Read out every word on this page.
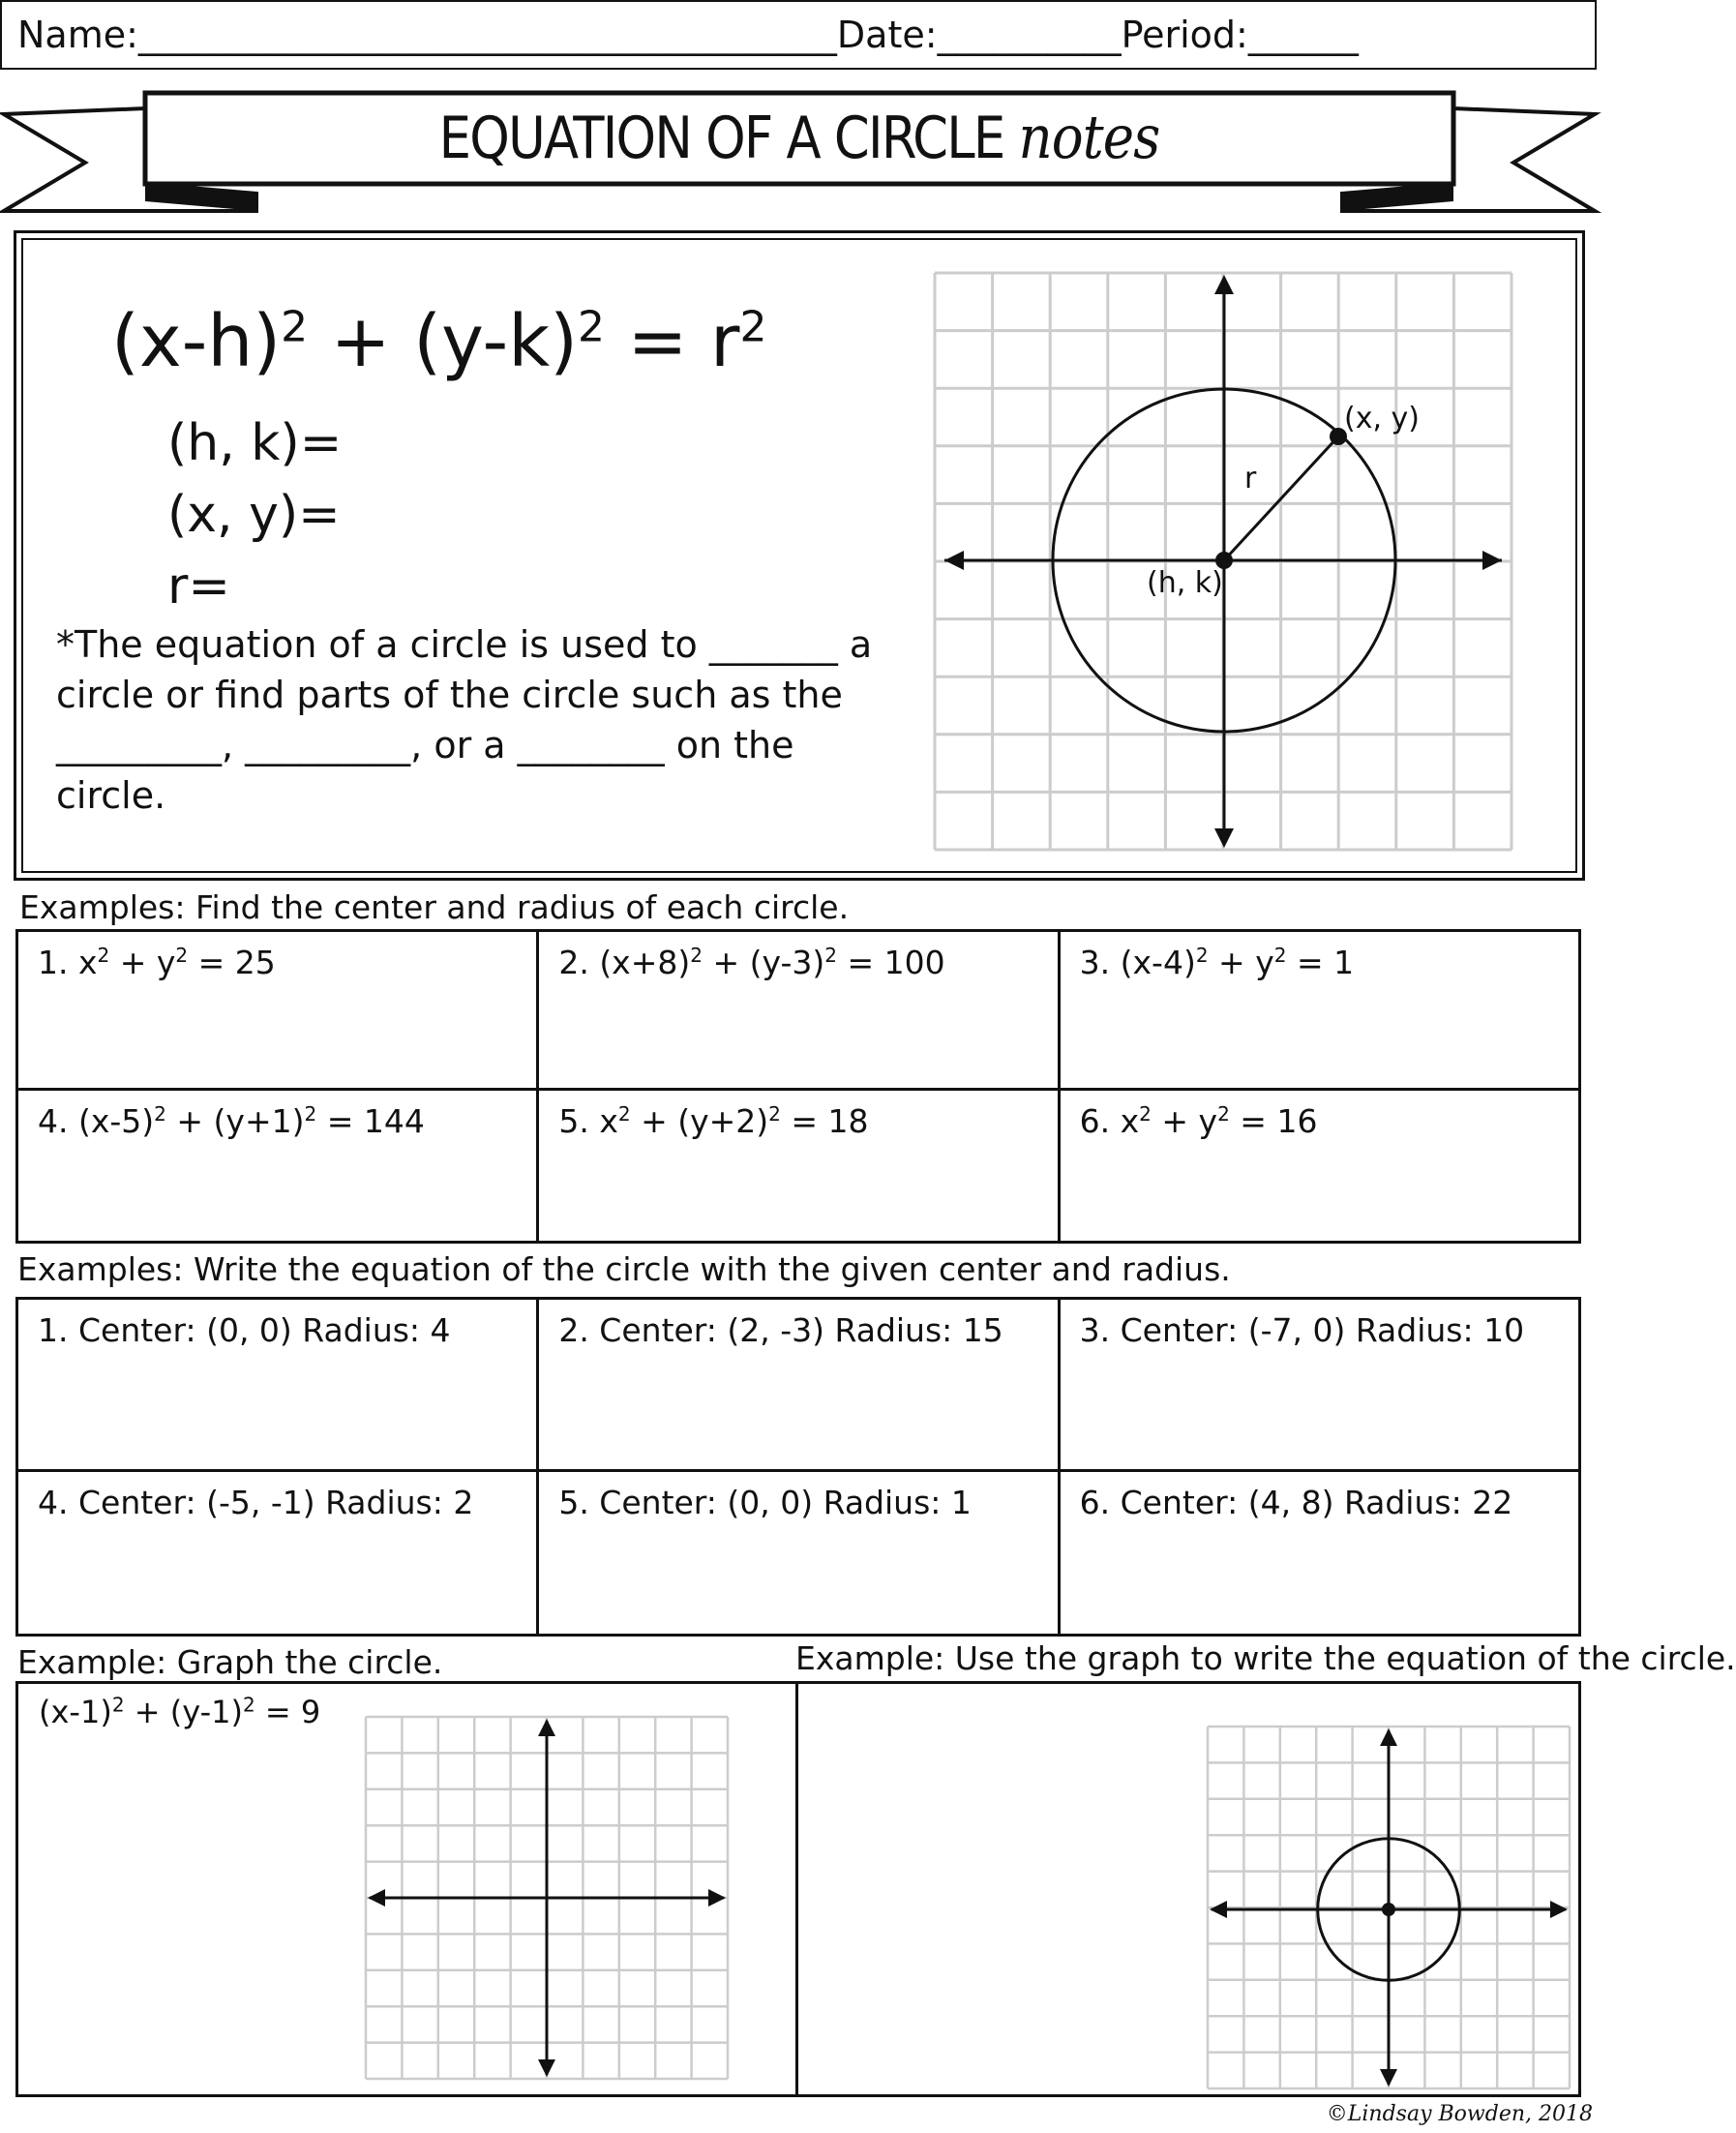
Name:______________________________________Date:__________Period:______
EQUATION OF A CIRCLE notes
$(x-h)^2 + (y-k)^2 = r^2$
(h, k)=
(x, y)=
r=
*The equation of a circle is used to _______ a circle or find parts of the circle such as the _________, _________, or a ________ on the circle.
(x, y)
(h, k)
r
Examples: Find the center and radius of each circle.
1. $x^2 + y^2 = 25$	2. $(x+8)^2 + (y-3)^2 = 100$	3. $(x-4)^2 + y^2 = 1$
4. $(x-5)^2 + (y+1)^2 = 144$	5. $x^2 + (y+2)^2 = 18$	6. $x^2 + y^2 = 16$
Examples: Write the equation of the circle with the given center and radius.
1. Center: (0, 0) Radius: 4	2. Center: (2, -3) Radius: 15	3. Center: (-7, 0) Radius: 10
4. Center: (-5, -1) Radius: 2	5. Center: (0, 0) Radius: 1	6. Center: (4, 8) Radius: 22
Example: Graph the circle.	Example: Use the graph to write the equation of the circle.
$(x-1)^2 + (y-1)^2 = 9$
©Lindsay Bowden, 2018
